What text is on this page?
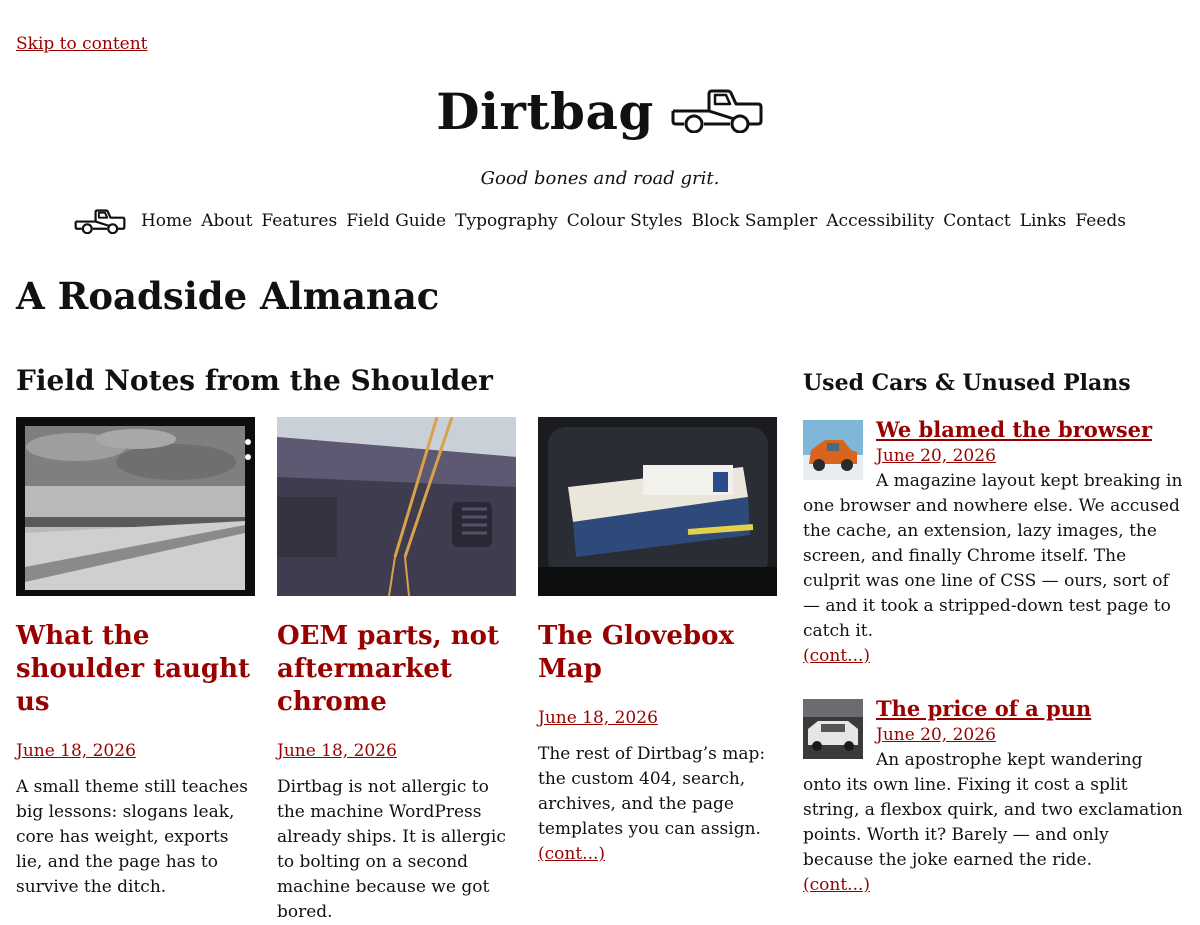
Skip to content
Dirtbag
Good bones and road grit.
Home About Features Field Guide Typography Colour Styles Block Sampler Accessibility Contact Links Feeds
A Roadside Almanac
Field Notes from the Shoulder
What the shoulder taught us
June 18, 2026

A small theme still teaches big lessons: slogans leak, core has weight, exports lie, and the page has to survive the ditch.

OEM parts, not aftermarket chrome
June 18, 2026

Dirtbag is not allergic to the machine WordPress already ships. It is allergic to bolting on a second machine because we got bored.

The Glovebox Map
June 18, 2026

The rest of Dirtbag’s map: the custom 404, search, archives, and the page templates you can assign.

(cont...)
Used Cars & Unused Plans
We blamed the browser
June 20, 2026
A magazine layout kept breaking in one browser and nowhere else. We accused the cache, an extension, lazy images, the screen, and finally Chrome itself. The culprit was one line of CSS — ours, sort of — and it took a stripped-down test page to catch it.
(cont...)
The price of a pun
June 20, 2026
An apostrophe kept wandering onto its own line. Fixing it cost a split string, a flexbox quirk, and two exclamation points. Worth it? Barely — and only because the joke earned the ride.
(cont...)
